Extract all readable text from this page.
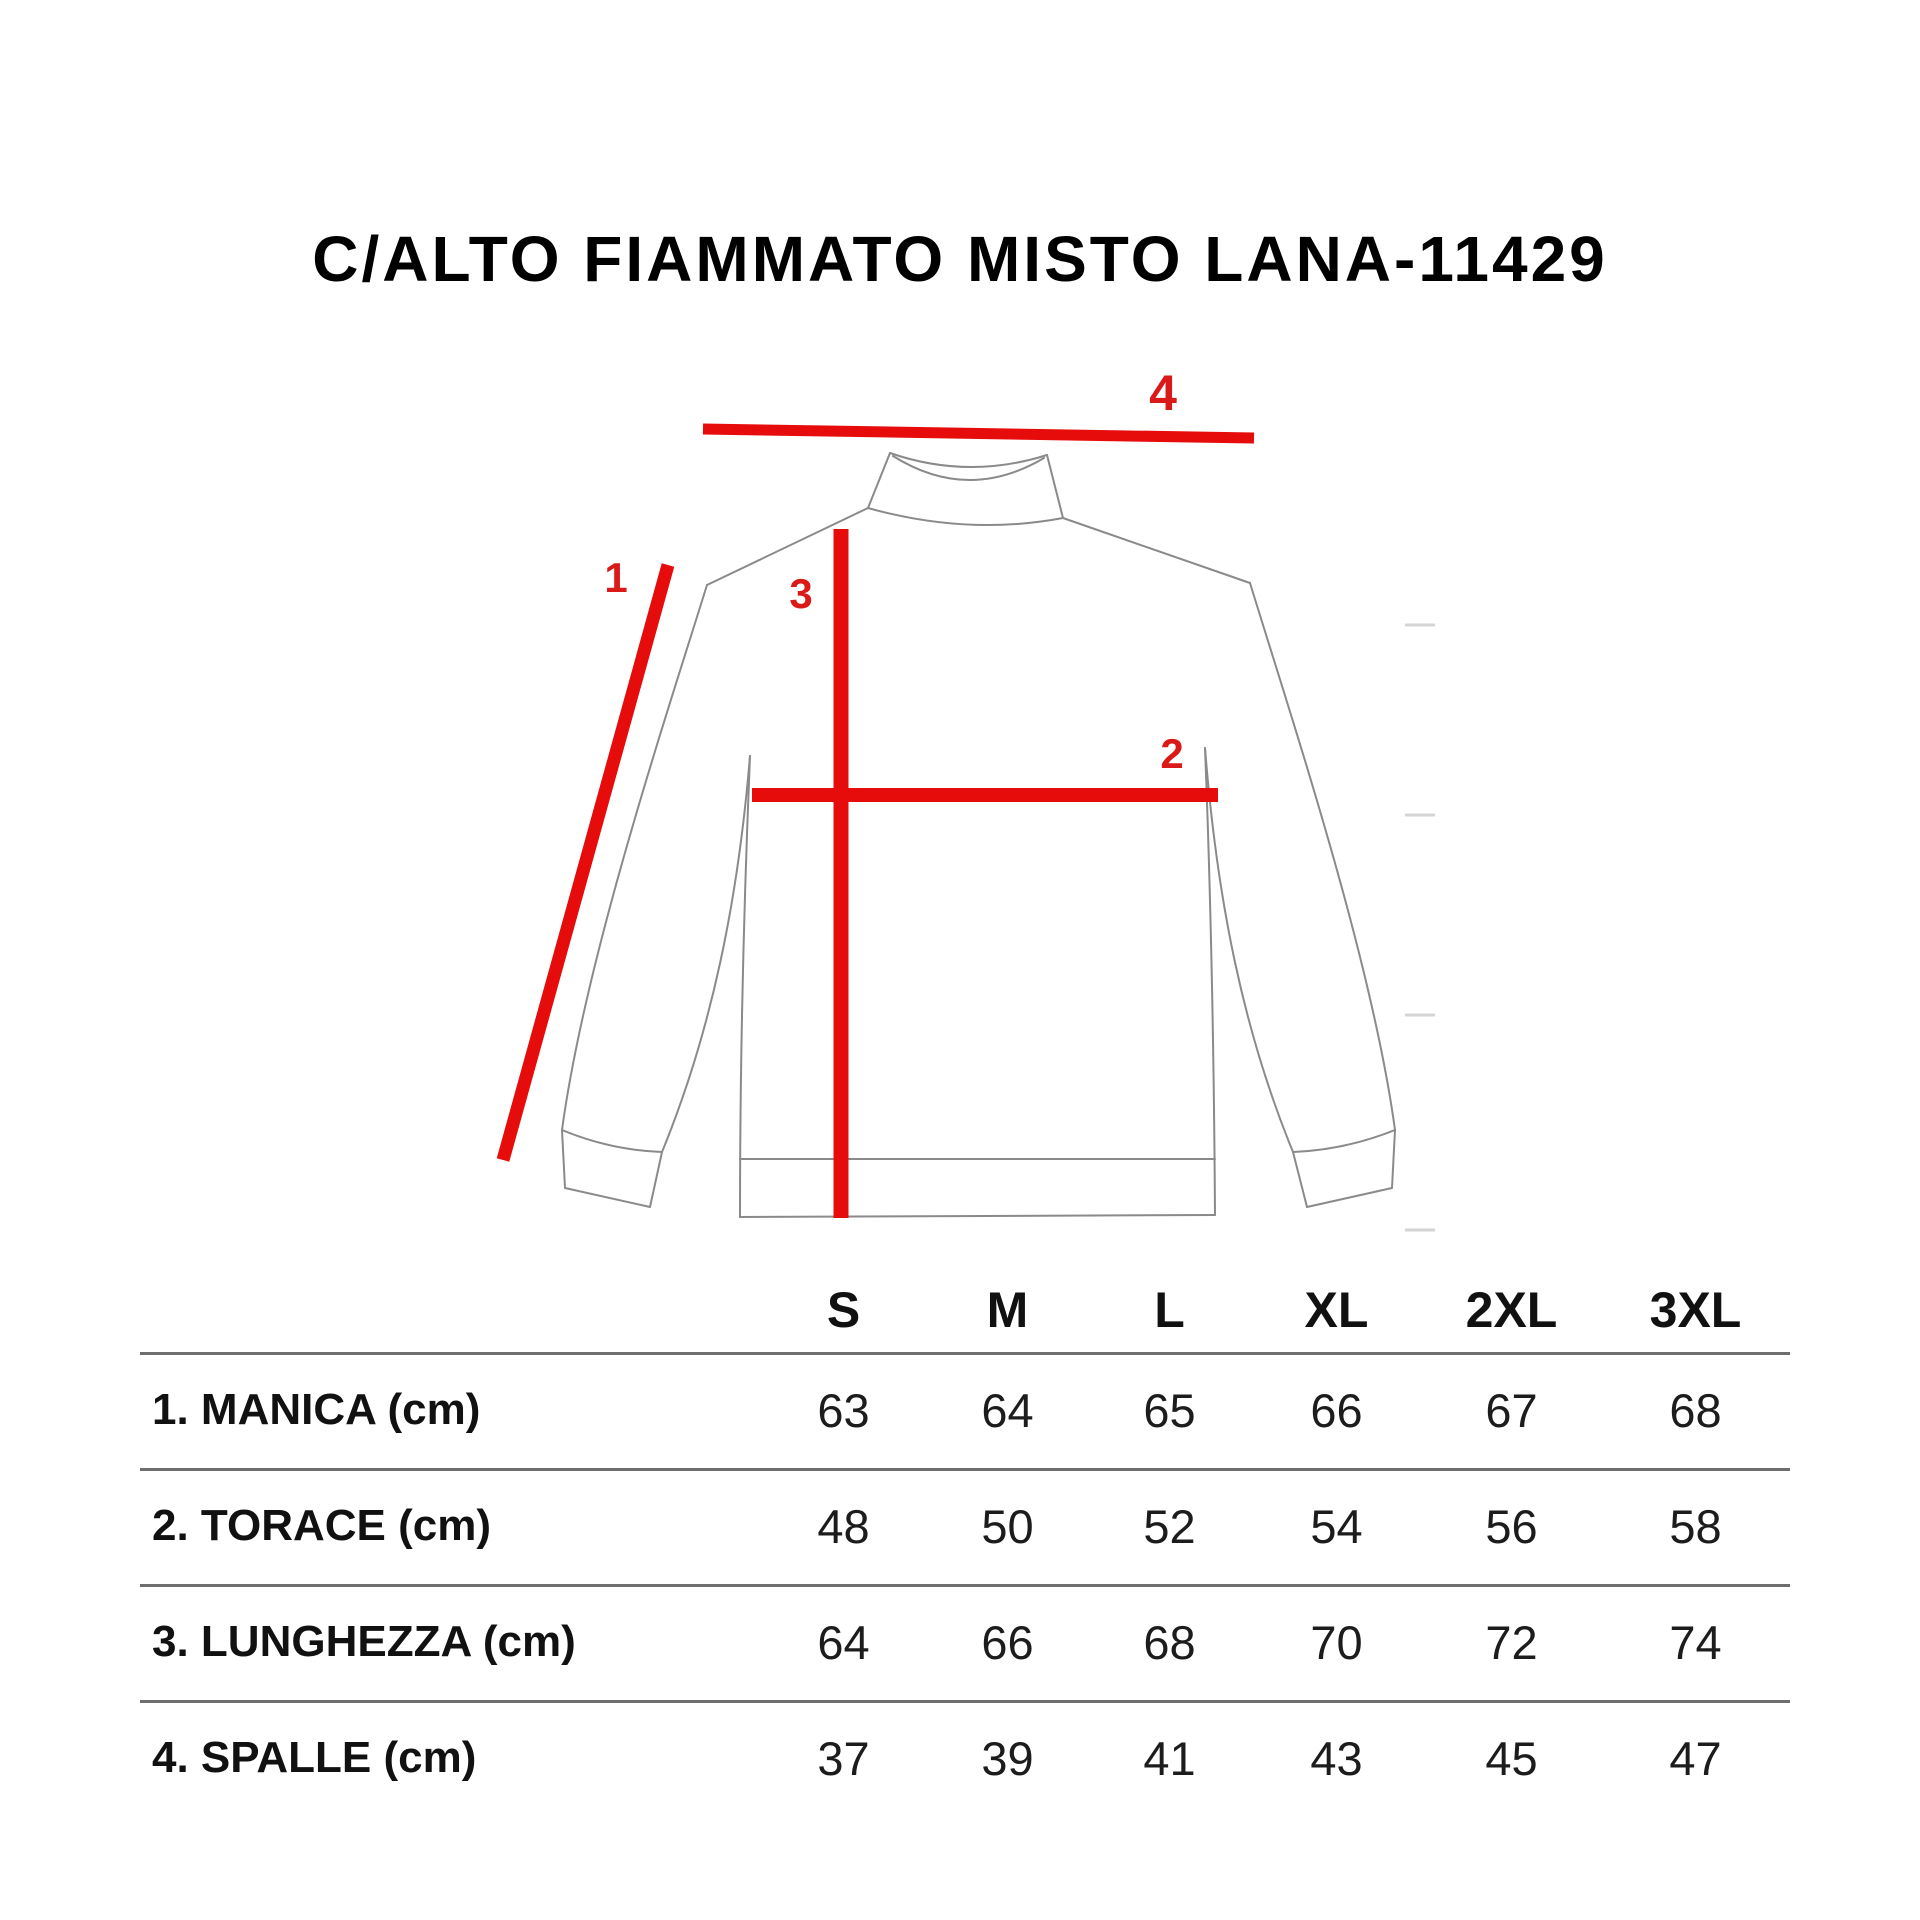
C/ALTO FIAMMATO MISTO LANA-11429
1
2
3
4
S	M	L	XL	2XL	3XL
1. MANICA (cm)	63	64	65	66	67	68
2. TORACE (cm)	48	50	52	54	56	58
3. LUNGHEZZA (cm)	64	66	68	70	72	74
4. SPALLE (cm)	37	39	41	43	45	47
